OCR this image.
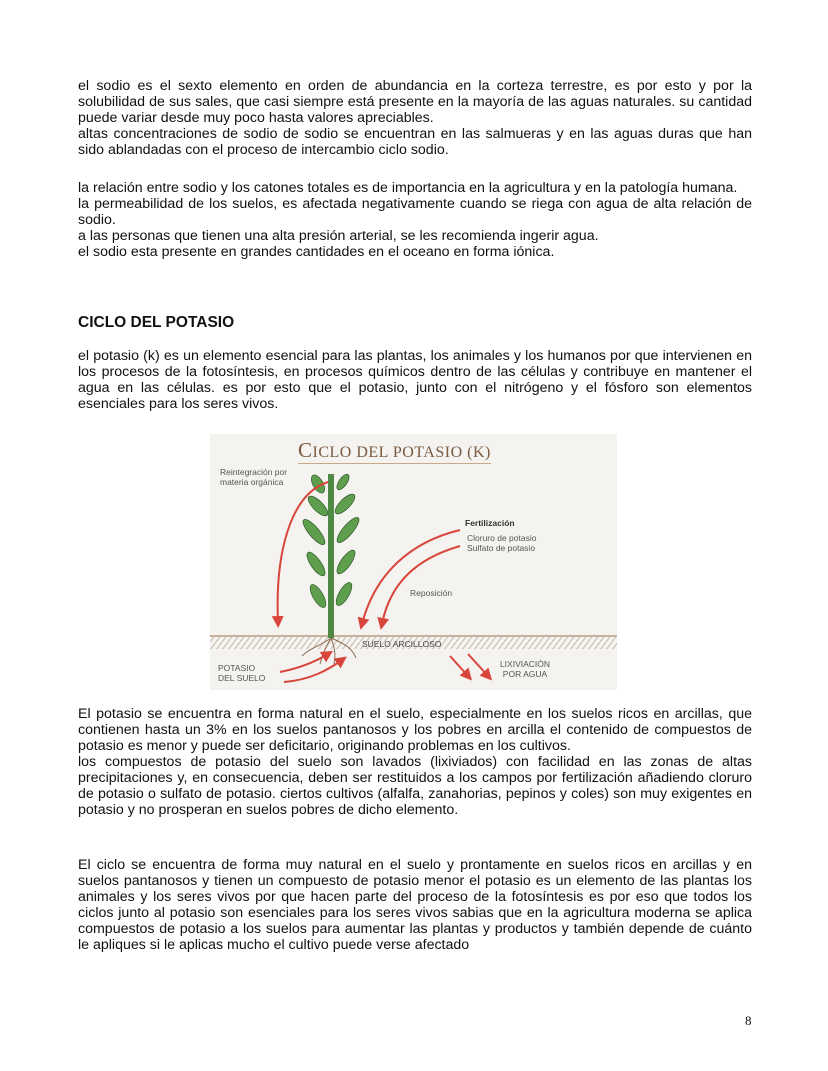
el sodio es el sexto elemento en orden de abundancia en la corteza terrestre, es por esto y por la solubilidad de sus sales, que casi siempre está presente en la mayoría de las aguas naturales. su cantidad puede variar desde muy poco hasta valores apreciables.

altas concentraciones de sodio de sodio se encuentran en las salmueras y en las aguas duras que han sido ablandadas con el proceso de intercambio ciclo sodio.

la relación entre sodio y los catones totales es de importancia en la agricultura y en la patología humana.

la permeabilidad de los suelos, es afectada negativamente cuando se riega con agua de alta relación de sodio.

a las personas que tienen una alta presión arterial, se les recomienda ingerir agua.

el sodio esta presente en grandes cantidades en el oceano en forma iónica.

CICLO DEL POTASIO

el potasio (k) es un elemento esencial para las plantas, los animales y los humanos por que intervienen en los procesos de la fotosíntesis, en procesos químicos dentro de las células y contribuye en mantener el agua en las células. es por esto que el potasio, junto con el nitrógeno y el fósforo son elementos esenciales para los seres vivos.

CICLO DEL POTASIO (K)
Reintegración por materia orgánica
Fertilización
Cloruro de potasio
Sulfato de potasio
Reposición
SUELO ARCILLOSO
POTASIO DEL SUELO
LIXIVIACIÓN POR AGUA

El potasio se encuentra en forma natural en el suelo, especialmente en los suelos ricos en arcillas, que contienen hasta un 3% en los suelos pantanosos y los pobres en arcilla el contenido de compuestos de potasio es menor y puede ser deficitario, originando problemas en los cultivos.

los compuestos de potasio del suelo son lavados (lixiviados) con facilidad en las zonas de altas precipitaciones y, en consecuencia, deben ser restituidos a los campos por fertilización añadiendo cloruro de potasio o sulfato de potasio. ciertos cultivos (alfalfa, zanahorias, pepinos y coles) son muy exigentes en potasio y no prosperan en suelos pobres de dicho elemento.

El ciclo se encuentra de forma muy natural en el suelo y prontamente en suelos ricos en arcillas y en suelos pantanosos y tienen un compuesto de potasio menor el potasio es un elemento de las plantas los animales y los seres vivos por que hacen parte del proceso de la fotosíntesis es por eso que todos los ciclos junto al potasio son esenciales para los seres vivos sabias que en la agricultura moderna se aplica compuestos de potasio a los suelos para aumentar las plantas y productos y también depende de cuánto le apliques si le aplicas mucho el cultivo puede verse afectado

8
